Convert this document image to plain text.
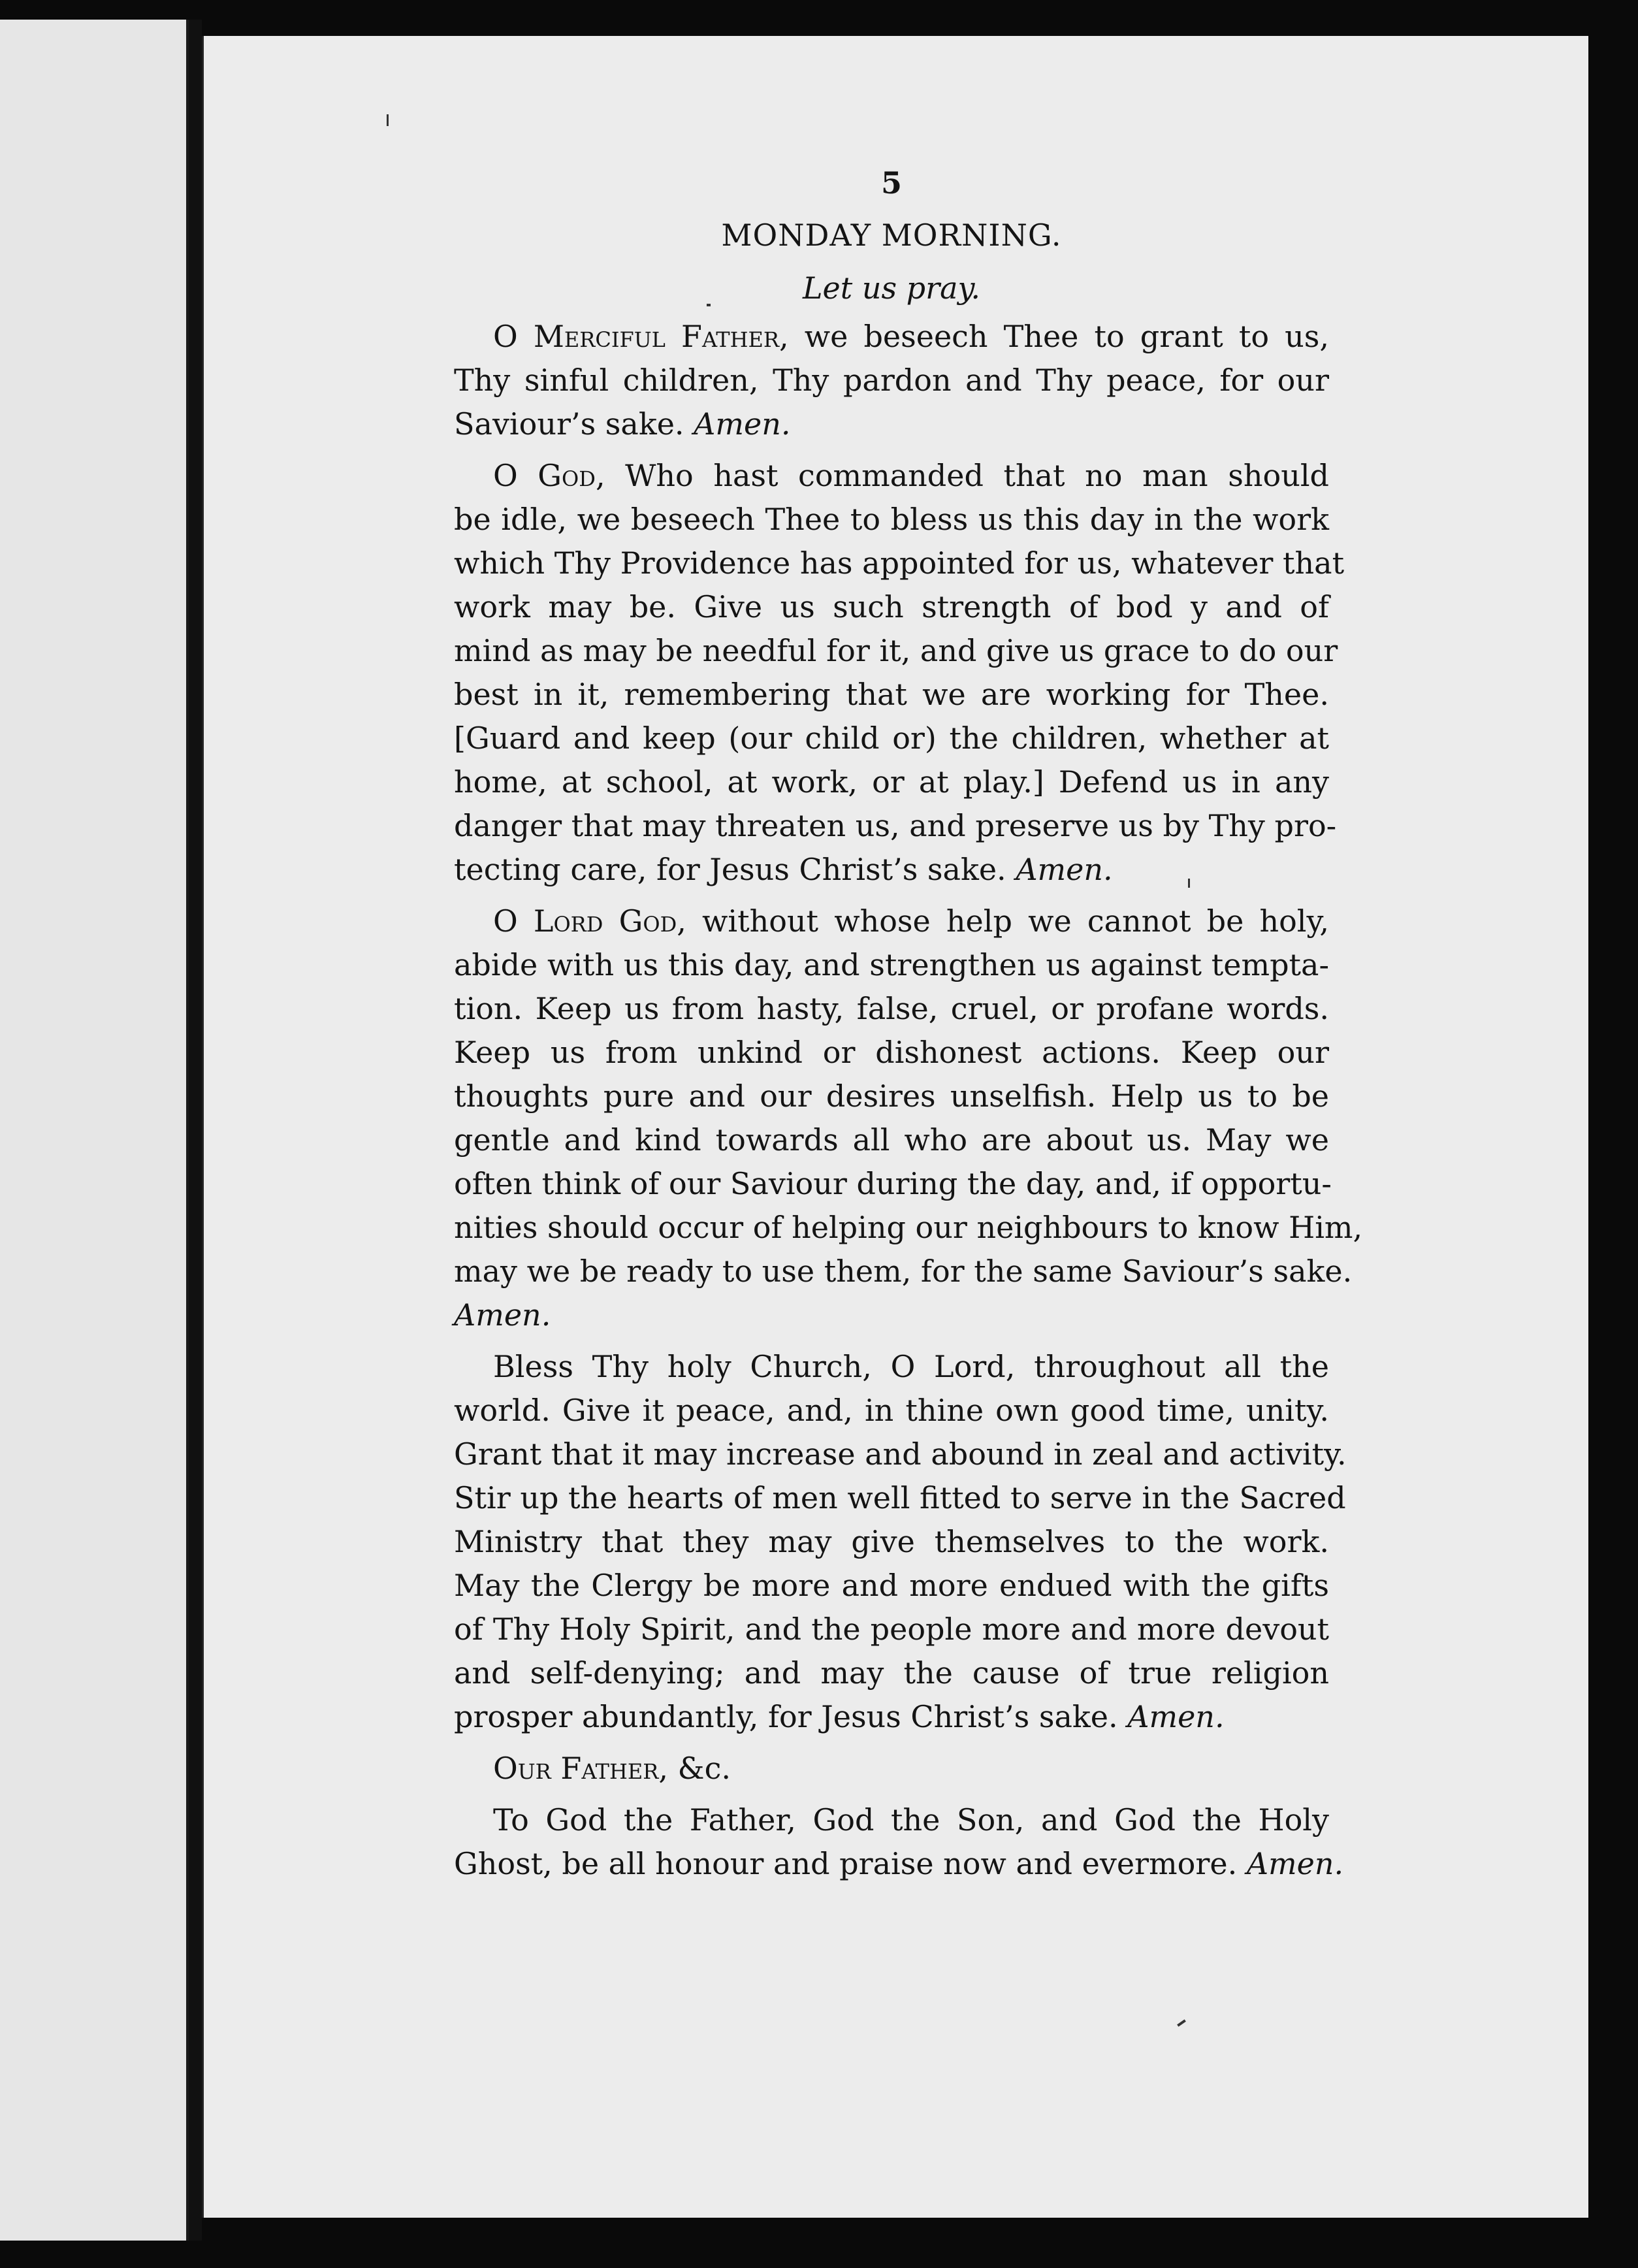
5
MONDAY MORNING.
Let us pray.
O Merciful Father, we beseech Thee to grant to us,
Thy sinful children, Thy pardon and Thy peace, for our
Saviour’s sake. Amen.
O God, Who hast commanded that no man should
be idle, we beseech Thee to bless us this day in the work
which Thy Providence has appointed for us, whatever that
work may be. Give us such strength of bod y and of
mind as may be needful for it, and give us grace to do our
best in it, remembering that we are working for Thee.
[Guard and keep (our child or) the children, whether at
home, at school, at work, or at play.] Defend us in any
danger that may threaten us, and preserve us by Thy pro-
tecting care, for Jesus Christ’s sake. Amen.
O Lord God, without whose help we cannot be holy,
abide with us this day, and strengthen us against tempta-
tion. Keep us from hasty, false, cruel, or profane words.
Keep us from unkind or dishonest actions. Keep our
thoughts pure and our desires unselfish. Help us to be
gentle and kind towards all who are about us. May we
often think of our Saviour during the day, and, if opportu-
nities should occur of helping our neighbours to know Him,
may we be ready to use them, for the same Saviour’s sake.
Amen.
Bless Thy holy Church, O Lord, throughout all the
world. Give it peace, and, in thine own good time, unity.
Grant that it may increase and abound in zeal and activity.
Stir up the hearts of men well fitted to serve in the Sacred
Ministry that they may give themselves to the work.
May the Clergy be more and more endued with the gifts
of Thy Holy Spirit, and the people more and more devout
and self-denying; and may the cause of true religion
prosper abundantly, for Jesus Christ’s sake. Amen.
Our Father, &c.
To God the Father, God the Son, and God the Holy
Ghost, be all honour and praise now and evermore. Amen.
